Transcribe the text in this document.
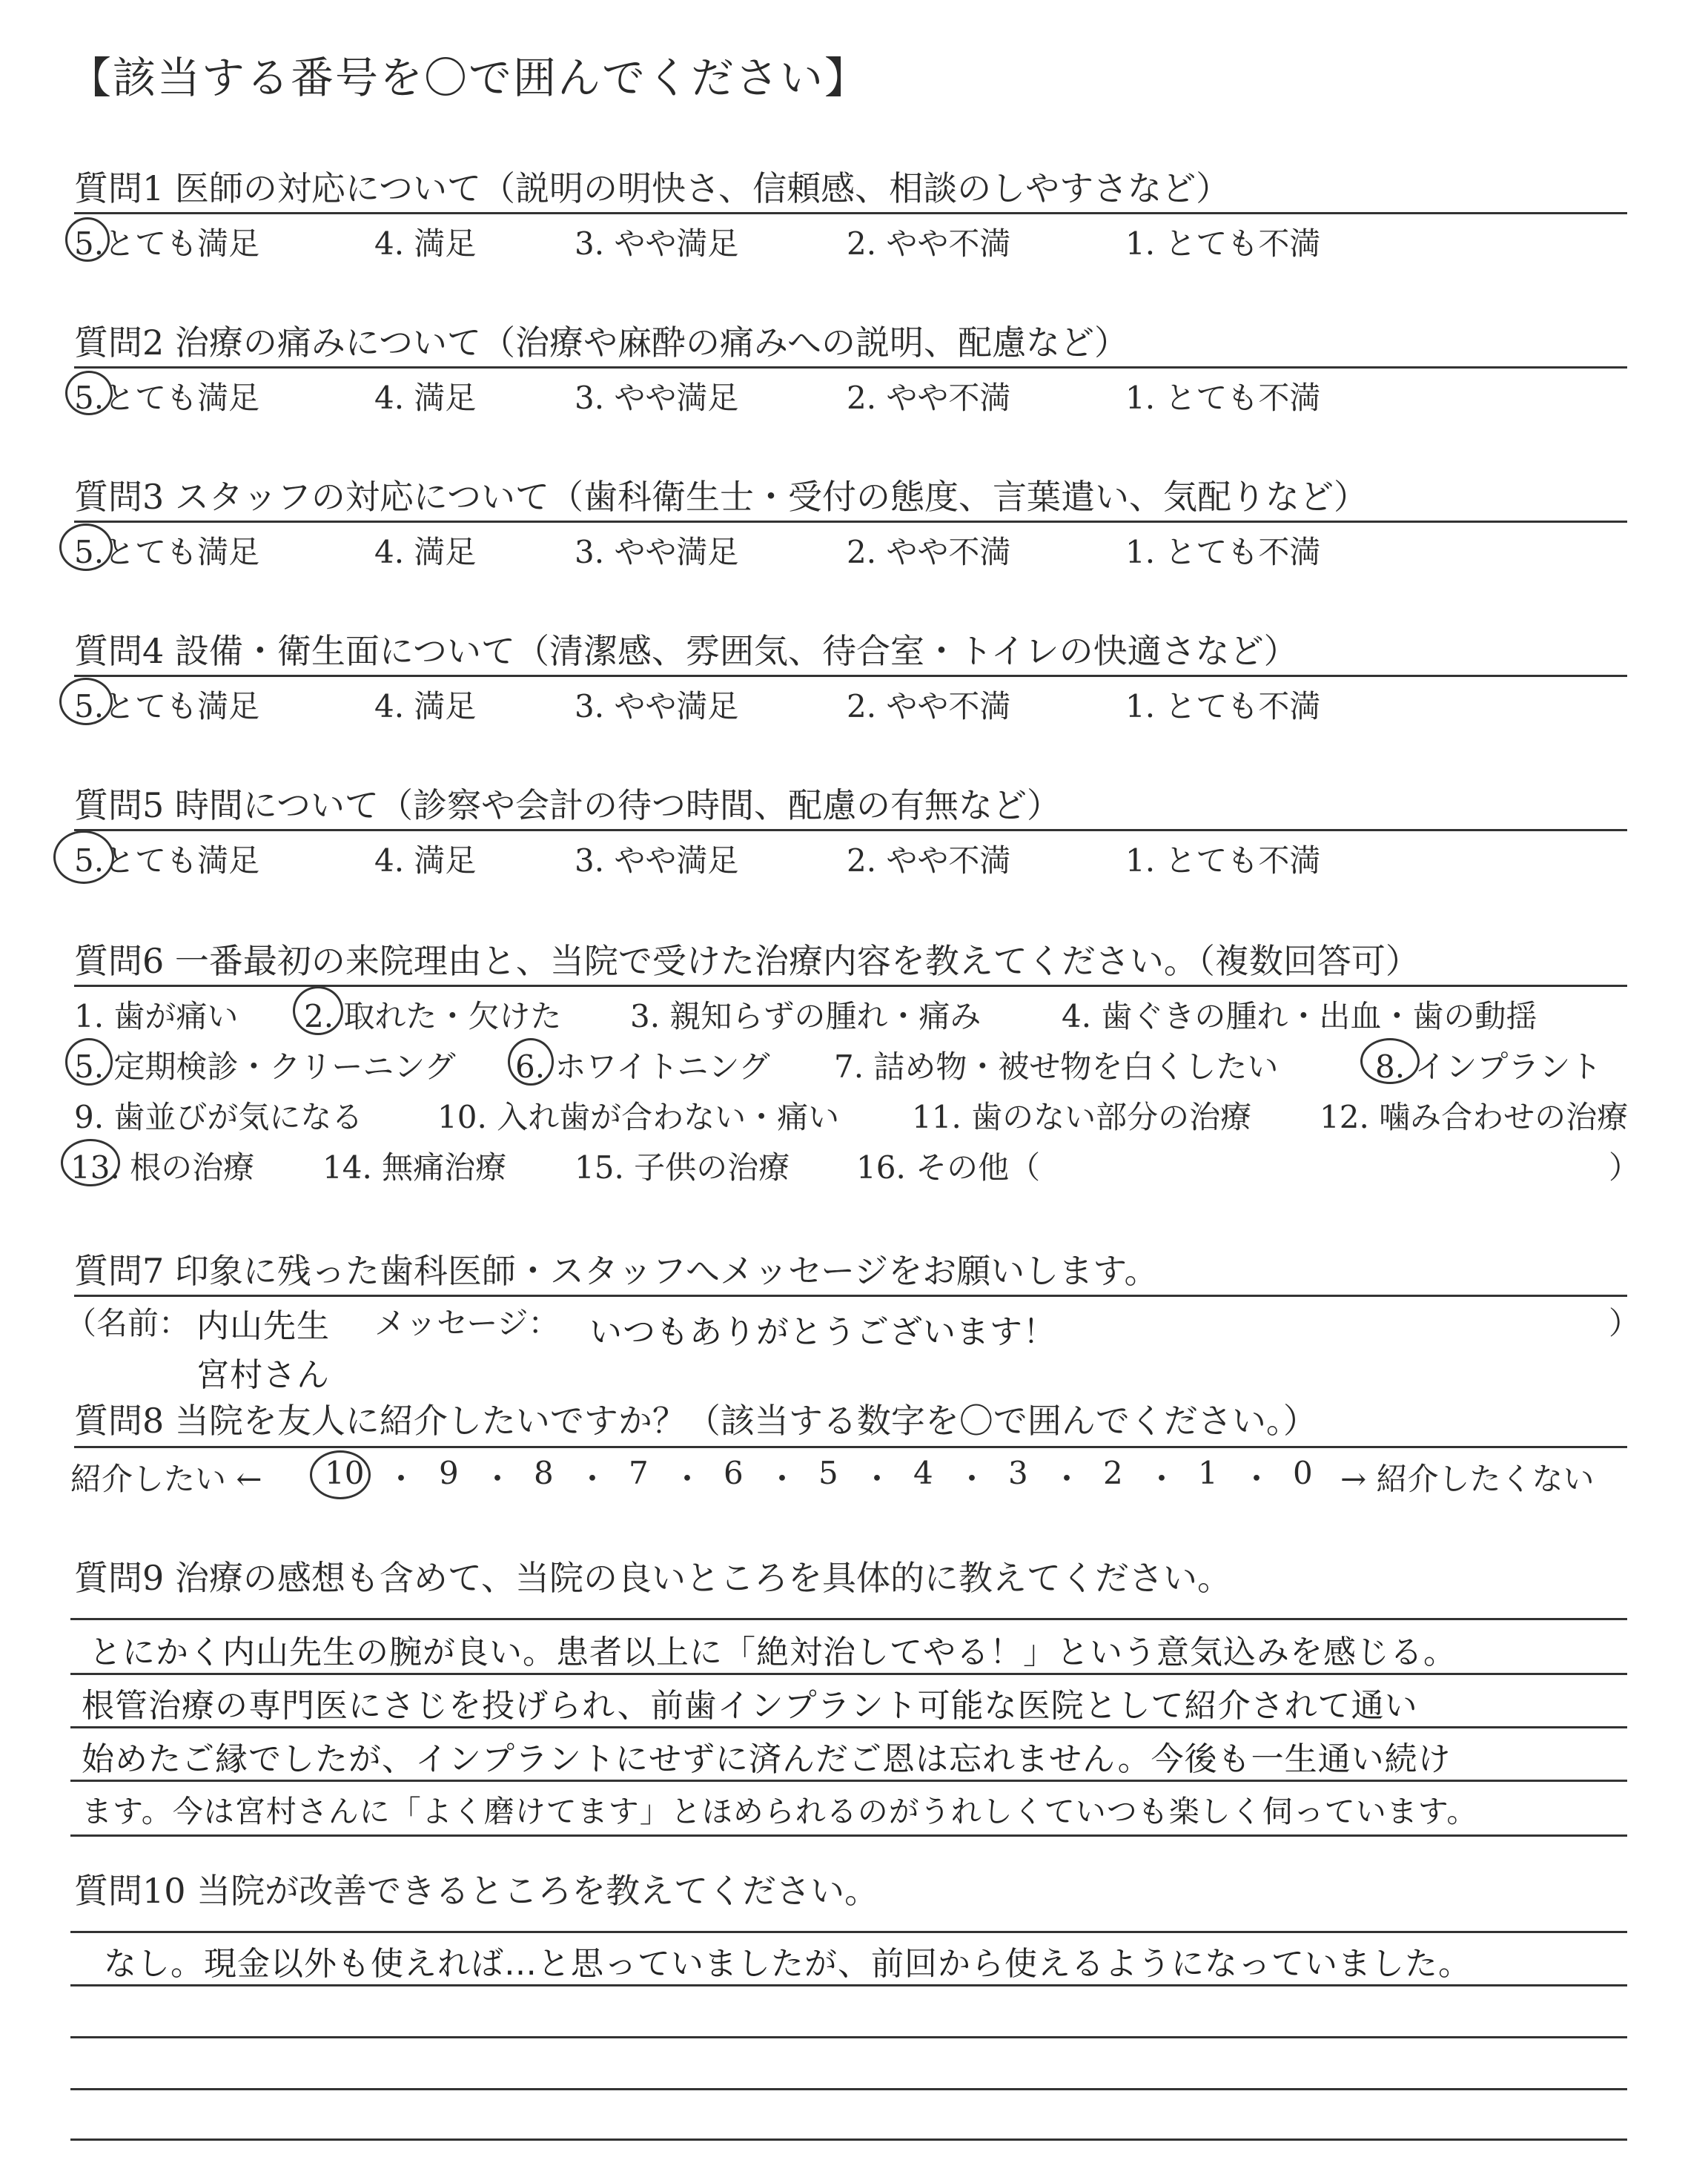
【該当する番号を〇で囲んでください】
質問1 医師の対応について（説明の明快さ、信頼感、相談のしやすさなど）
5.とても満足	4. 満足	3. やや満足	2. やや不満	1. とても不満
質問2 治療の痛みについて（治療や麻酔の痛みへの説明、配慮など）
5.とても満足	4. 満足	3. やや満足	2. やや不満	1. とても不満
質問3 スタッフの対応について（歯科衛生士・受付の態度、言葉遣い、気配りなど）
5.とても満足	4. 満足	3. やや満足	2. やや不満	1. とても不満
質問4 設備・衛生面について（清潔感、雰囲気、待合室・トイレの快適さなど）
5.とても満足	4. 満足	3. やや満足	2. やや不満	1. とても不満
質問5 時間について（診察や会計の待つ時間、配慮の有無など）
5.とても満足	4. 満足	3. やや満足	2. やや不満	1. とても不満
質問6 一番最初の来院理由と、当院で受けた治療内容を教えてください。（複数回答可）
1. 歯が痛い 2. 取れた・欠けた 3. 親知らずの腫れ・痛み	4. 歯ぐきの腫れ・出血・歯の動揺
5. 定期検診・クリーニング 6. ホワイトニング 7. 詰め物・被せ物を白くしたい	8. インプラント
9. 歯並びが気になる 10. 入れ歯が合わない・痛い 11. 歯のない部分の治療 12. 噛み合わせの治療
13. 根の治療 14. 無痛治療 15. 子供の治療 16. その他（	）
質問7 印象に残った歯科医師・スタッフへメッセージをお願いします。
（名前： 内山先生
宮村さん
メッセージ： いつもありがとうございます！	）
質問8 当院を友人に紹介したいですか？（該当する数字を〇で囲んでください。）
紹介したい ← 10 ・ 9 ・ 8 ・ 7 ・ 6 ・ 5 ・ 4 ・ 3 ・ 2 ・ 1 ・ 0 → 紹介したくない
質問9 治療の感想も含めて、当院の良いところを具体的に教えてください。
とにかく内山先生の腕が良い。患者以上に「絶対治してやる！」という意気込みを感じる。
根管治療の専門医にさじを投げられ、前歯インプラント可能な医院として紹介されて通い
始めたご縁でしたが、インプラントにせずに済んだご恩は忘れません。今後も一生通い続け
ます。今は宮村さんに「よく磨けてます」とほめられるのがうれしくていつも楽しく伺っています。
質問10 当院が改善できるところを教えてください。
なし。現金以外も使えれば…と思っていましたが、前回から使えるようになっていました。
